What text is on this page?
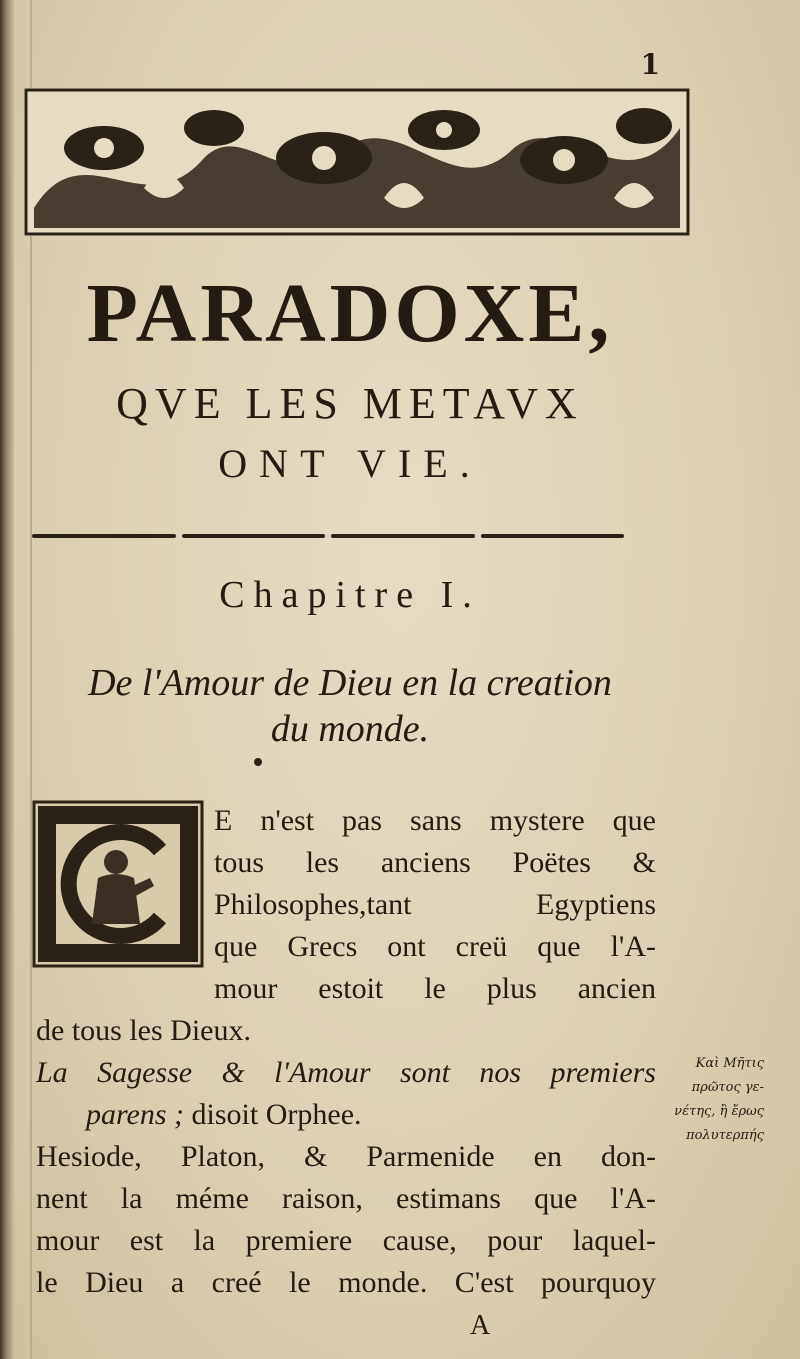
1
PARADOXE,
QVE LES METAVX
ONT VIE.
Chapitre I.
De l'Amour de Dieu en la creation
du monde.
E n'est pas sans mystere que
tous les anciens Poëtes &
Philosophes,tant Egyptiens
que Grecs ont creü que l'A-
mour estoit le plus ancien
de tous les Dieux.
La Sagesse & l'Amour sont nos premiers
parens ; disoit Orphee.
Hesiode, Platon, & Parmenide en don-
nent la méme raison, estimans que l'A-
mour est la premiere cause, pour laquel-
le Dieu a creé le monde. C'est pourquoy
Καὶ Μῆτις
πρῶτος γε-
νέτης, ἢ ἔρως
πολυτερπής
A
